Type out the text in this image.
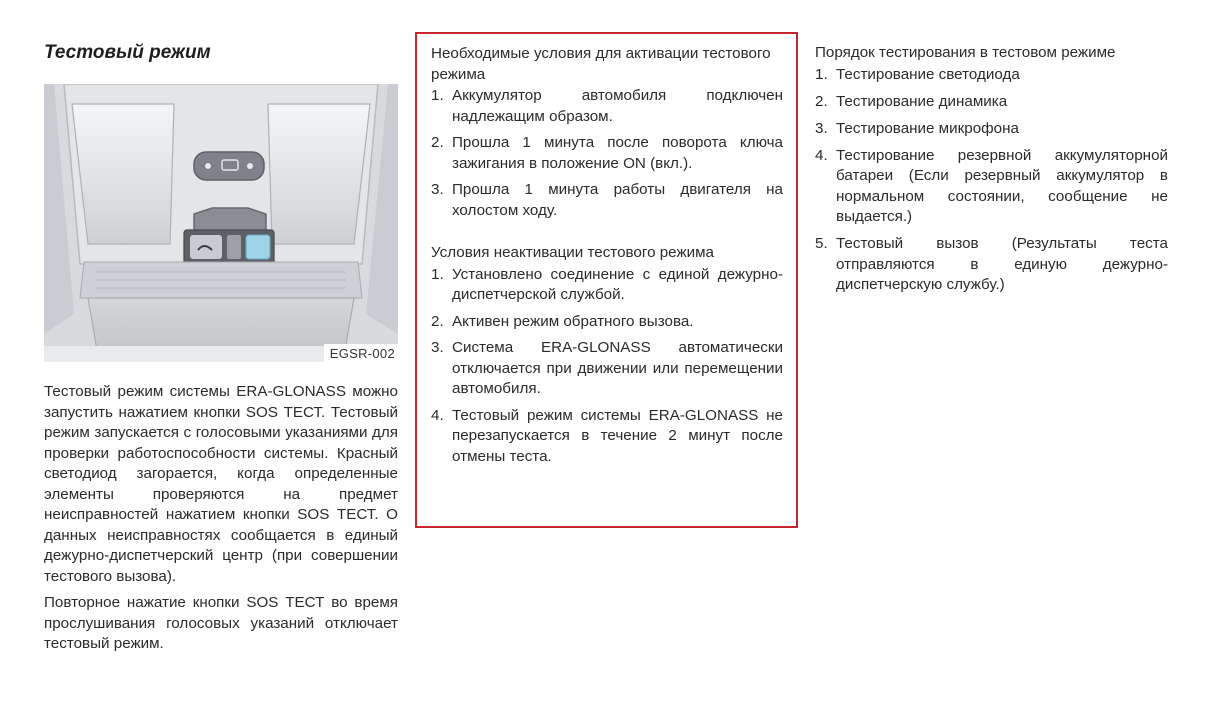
Тестовый режим
EGSR-002

Тестовый режим системы ERA-GLONASS можно запустить нажатием кнопки SOS ТЕСТ. Тестовый режим запускается с голосовыми указаниями для проверки работоспособности системы. Красный светодиод загорается, когда определенные элементы проверяются на предмет неисправностей нажатием кнопки SOS ТЕСТ. О данных неисправностях сообщается в единый дежурно-диспетчерский центр (при совершении тестового вызова).

Повторное нажатие кнопки SOS ТЕСТ во время прослушивания голосовых указаний отключает тестовый режим.

Необходимые условия для активации тестового режима
1. Аккумулятор автомобиля подключен надлежащим образом.
2. Прошла 1 минута после поворота ключа зажигания в положение ON (вкл.).
3. Прошла 1 минута работы двигателя на холостом ходу.
Условия неактивации тестового режима
1. Установлено соединение с единой дежурно-диспетчерской службой.
2. Активен режим обратного вызова.
3. Система ERA-GLONASS автоматически отключается при движении или перемещении автомобиля.
4. Тестовый режим системы ERA-GLONASS не перезапускается в течение 2 минут после отмены теста.
Порядок тестирования в тестовом режиме
1. Тестирование светодиода
2. Тестирование динамика
3. Тестирование микрофона
4. Тестирование резервной аккумуляторной батареи (Если резервный аккумулятор в нормальном состоянии, сообщение не выдается.)
5. Тестовый вызов (Результаты теста отправляются в единую дежурно-диспетчерскую службу.)
